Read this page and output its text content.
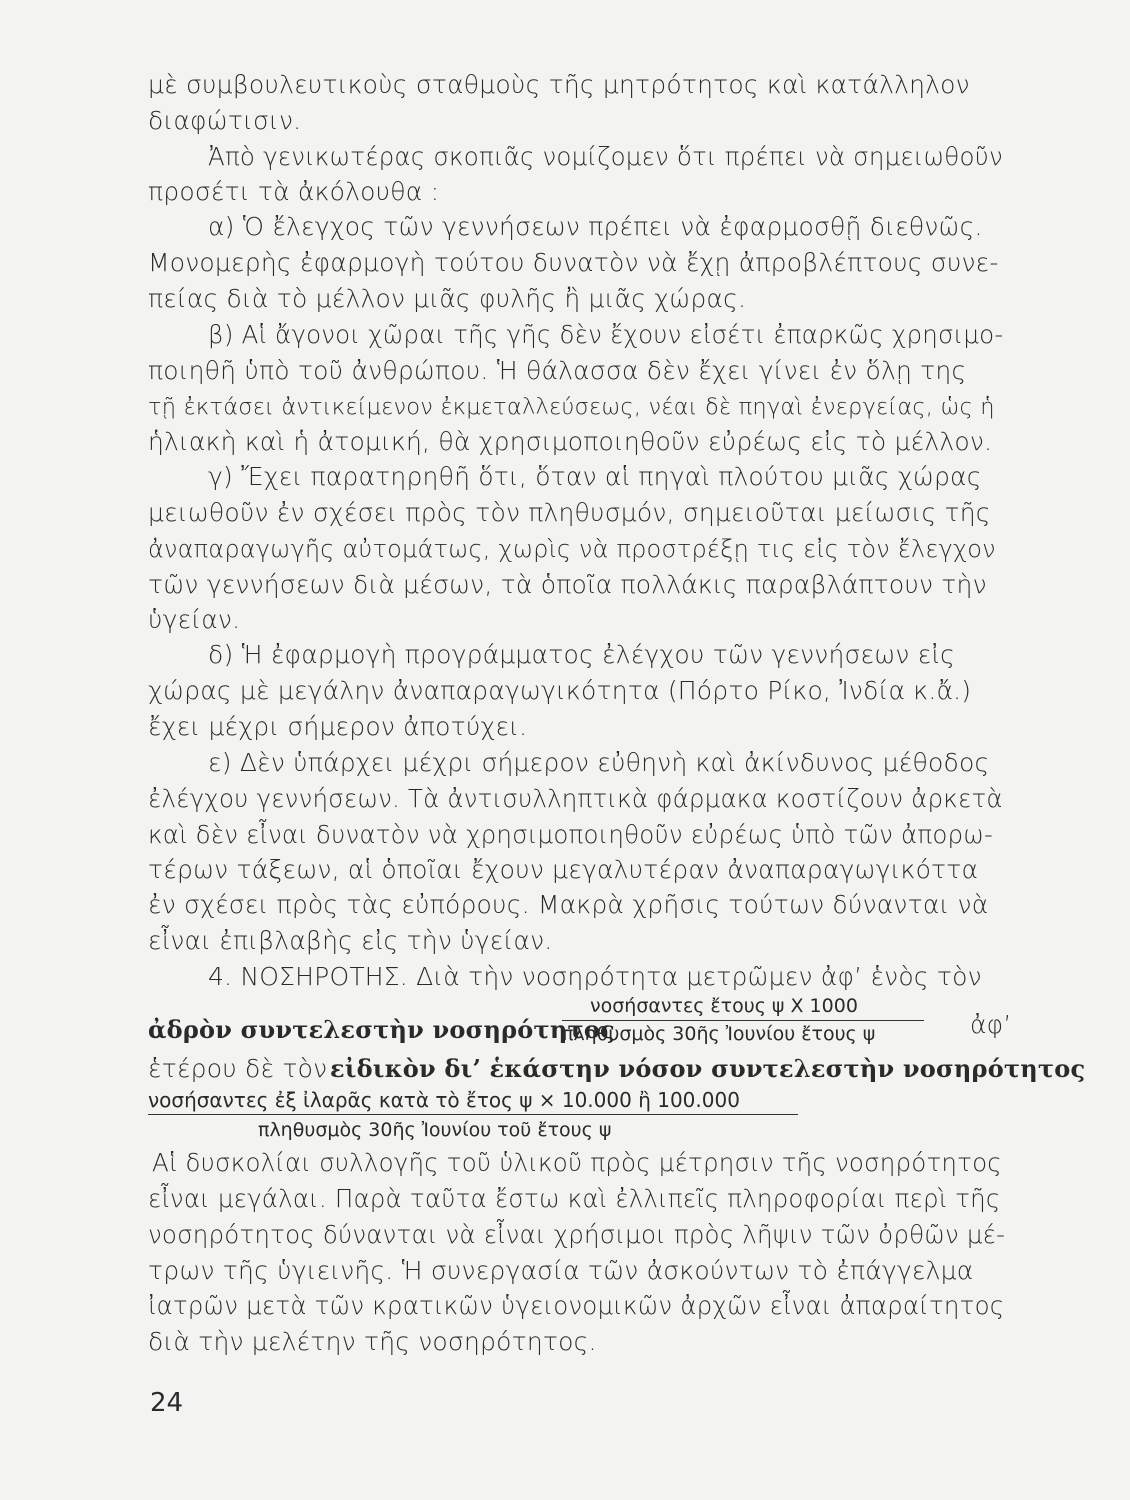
μὲ συμβουλευτικοὺς σταθμοὺς τῆς μητρότητος καὶ κατάλληλον
διαφώτισιν.
Ἀπὸ γενικωτέρας σκοπιᾶς νομίζομεν ὅτι πρέπει νὰ σημειωθοῦν
προσέτι τὰ ἀκόλουθα :
α) Ὁ ἔλεγχος τῶν γεννήσεων πρέπει νὰ ἐφαρμοσθῇ διεθνῶς.
Μονομερὴς ἐφαρμογὴ τούτου δυνατὸν νὰ ἔχῃ ἀπροβλέπτους συνε-
πείας διὰ τὸ μέλλον μιᾶς φυλῆς ἢ μιᾶς χώρας.
β) Αἱ ἄγονοι χῶραι τῆς γῆς δὲν ἔχουν εἰσέτι ἐπαρκῶς χρησιμο-
ποιηθῆ ὑπὸ τοῦ ἀνθρώπου. Ἡ θάλασσα δὲν ἔχει γίνει ἐν ὅλῃ της
τῇ ἐκτάσει ἀντικείμενον ἐκμεταλλεύσεως, νέαι δὲ πηγαὶ ἐνεργείας, ὡς ἡ
ἡλιακὴ καὶ ἡ ἀτομική, θὰ χρησιμοποιηθοῦν εὐρέως εἰς τὸ μέλλον.
γ) Ἔχει παρατηρηθῆ ὅτι, ὅταν αἱ πηγαὶ πλούτου μιᾶς χώρας
μειωθοῦν ἐν σχέσει πρὸς τὸν πληθυσμόν, σημειοῦται μείωσις τῆς
ἀναπαραγωγῆς αὐτομάτως, χωρὶς νὰ προστρέξῃ τις εἰς τὸν ἔλεγχον
τῶν γεννήσεων διὰ μέσων, τὰ ὁποῖα πολλάκις παραβλάπτουν τὴν
ὑγείαν.
δ) Ἡ ἐφαρμογὴ προγράμματος ἐλέγχου τῶν γεννήσεων εἰς
χώρας μὲ μεγάλην ἀναπαραγωγικότητα (Πόρτο Ρίκο, Ἰνδία κ.ἄ.)
ἔχει μέχρι σήμερον ἀποτύχει.
ε) Δὲν ὑπάρχει μέχρι σήμερον εὐθηνὴ καὶ ἀκίνδυνος μέθοδος
ἐλέγχου γεννήσεων. Τὰ ἀντισυλληπτικὰ φάρμακα κοστίζουν ἀρκετὰ
καὶ δὲν εἶναι δυνατὸν νὰ χρησιμοποιηθοῦν εὐρέως ὑπὸ τῶν ἀπορω-
τέρων τάξεων, αἱ ὁποῖαι ἔχουν μεγαλυτέραν ἀναπαραγωγικόττα
ἐν σχέσει πρὸς τὰς εὐπόρους. Μακρὰ χρῆσις τούτων δύνανται νὰ
εἶναι ἐπιβλαβὴς εἰς τὴν ὑγείαν.
4. ΝΟΣΗΡΟΤΗΣ. Διὰ τὴν νοσηρότητα μετρῶμεν ἀφ’ ἑνὸς τὸν
ἀδρὸν συντελεστὴν νοσηρότητος
νοσήσαντες ἔτους ψ Χ 1000
πληθυσμὸς 30ῆς Ἰουνίου ἔτους ψ	ἀφ’
ἑτέρου δὲ τὸν εἰδικὸν δι’ ἑκάστην νόσον συντελεστὴν νοσηρότητος
νοσήσαντες ἐξ ἰλαρᾶς κατὰ τὸ ἔτος ψ × 10.000 ἢ 100.000
πληθυσμὸς 30ῆς Ἰουνίου τοῦ ἔτους ψ
Αἱ δυσκολίαι συλλογῆς τοῦ ὑλικοῦ πρὸς μέτρησιν τῆς νοσηρότητος
εἶναι μεγάλαι. Παρὰ ταῦτα ἔστω καὶ ἐλλιπεῖς πληροφορίαι περὶ τῆς
νοσηρότητος δύνανται νὰ εἶναι χρήσιμοι πρὸς λῆψιν τῶν ὀρθῶν μέ-
τρων τῆς ὑγιεινῆς. Ἡ συνεργασία τῶν ἀσκούντων τὸ ἐπάγγελμα
ἰατρῶν μετὰ τῶν κρατικῶν ὑγειονομικῶν ἀρχῶν εἶναι ἀπαραίτητος
διὰ τὴν μελέτην τῆς νοσηρότητος.
24
